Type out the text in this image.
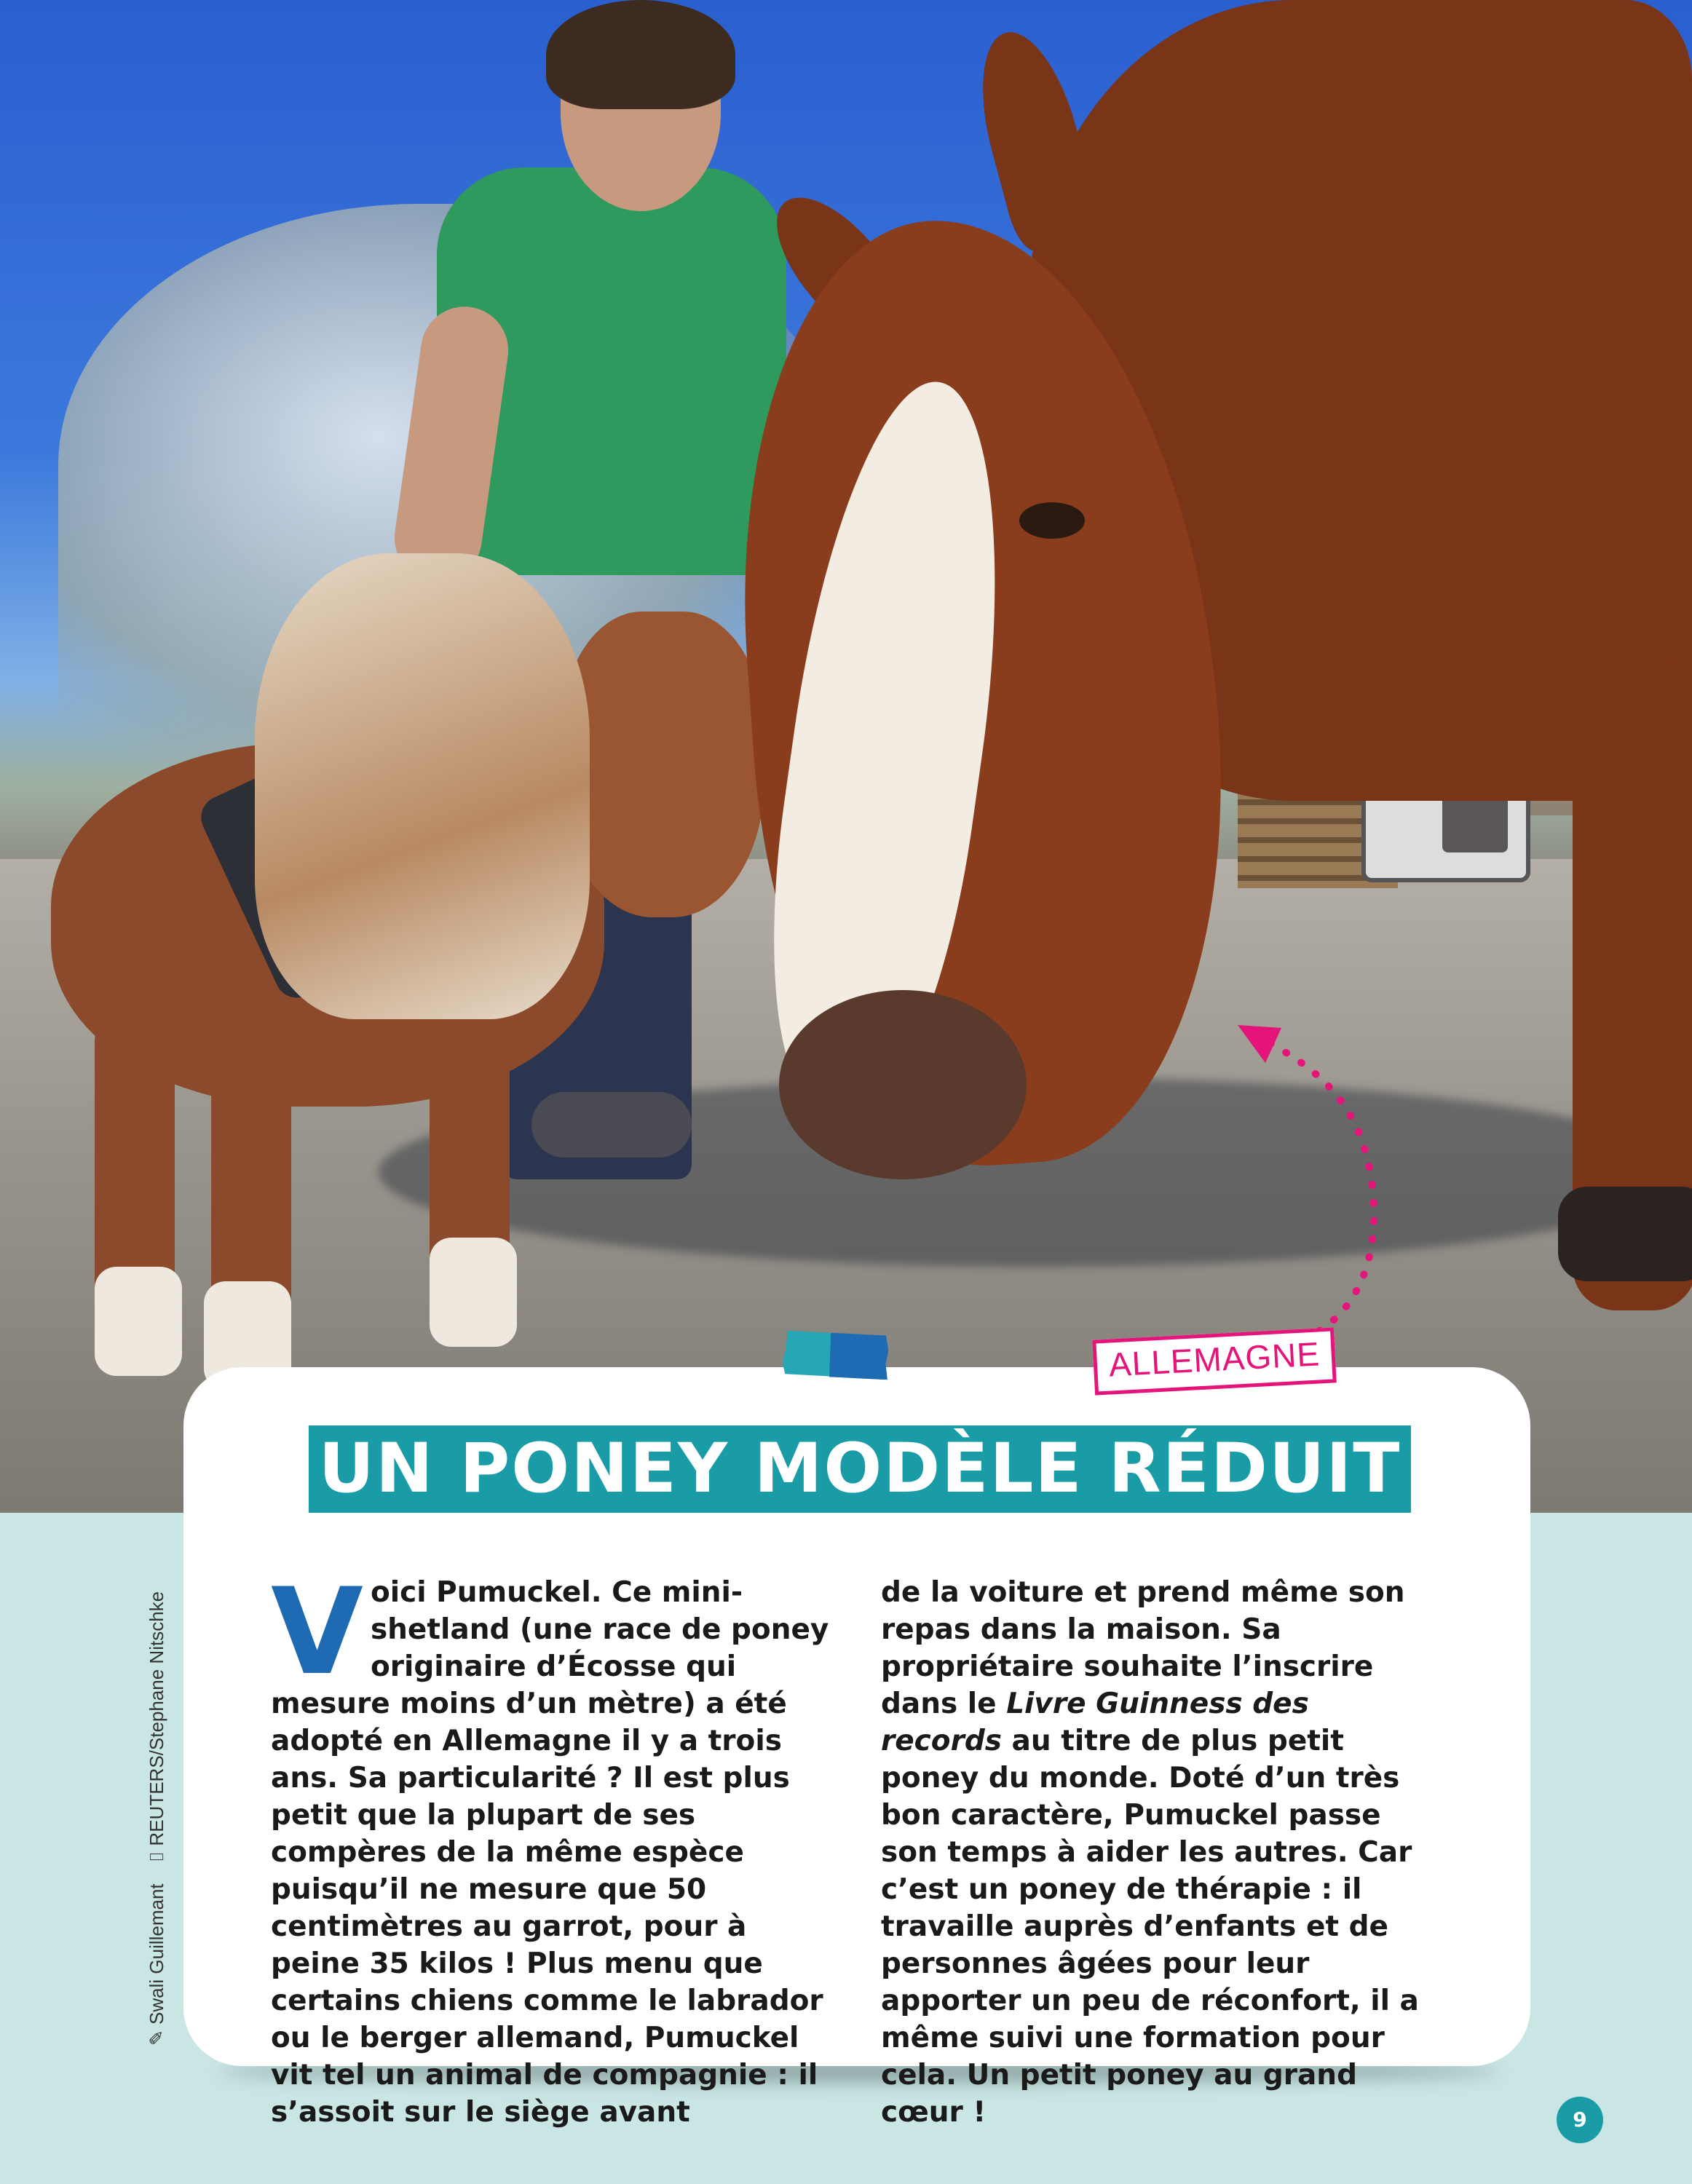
ALLEMAGNE
UN PONEY MODÈLE RÉDUIT
Voici Pumuckel. Ce mini-shetland (une race de poney originaire d’Écosse qui mesure moins d’un mètre) a été adopté en Allemagne il y a trois ans. Sa particularité ? Il est plus petit que la plupart de ses compères de la même espèce puisqu’il ne mesure que 50 centimètres au garrot, pour à peine 35 kilos ! Plus menu que certains chiens comme le labrador ou le berger allemand, Pumuckel vit tel un animal de compagnie : il s’assoit sur le siège avant
de la voiture et prend même son repas dans la maison. Sa propriétaire souhaite l’inscrire dans le Livre Guinness des records au titre de plus petit poney du monde. Doté d’un très bon caractère, Pumuckel passe son temps à aider les autres. Car c’est un poney de thérapie : il travaille auprès d’enfants et de personnes âgées pour leur apporter un peu de réconfort, il a même suivi une formation pour cela. Un petit poney au grand cœur !
✎ Swali Guillemant    ⌷ REUTERS/Stephane Nitschke
9
